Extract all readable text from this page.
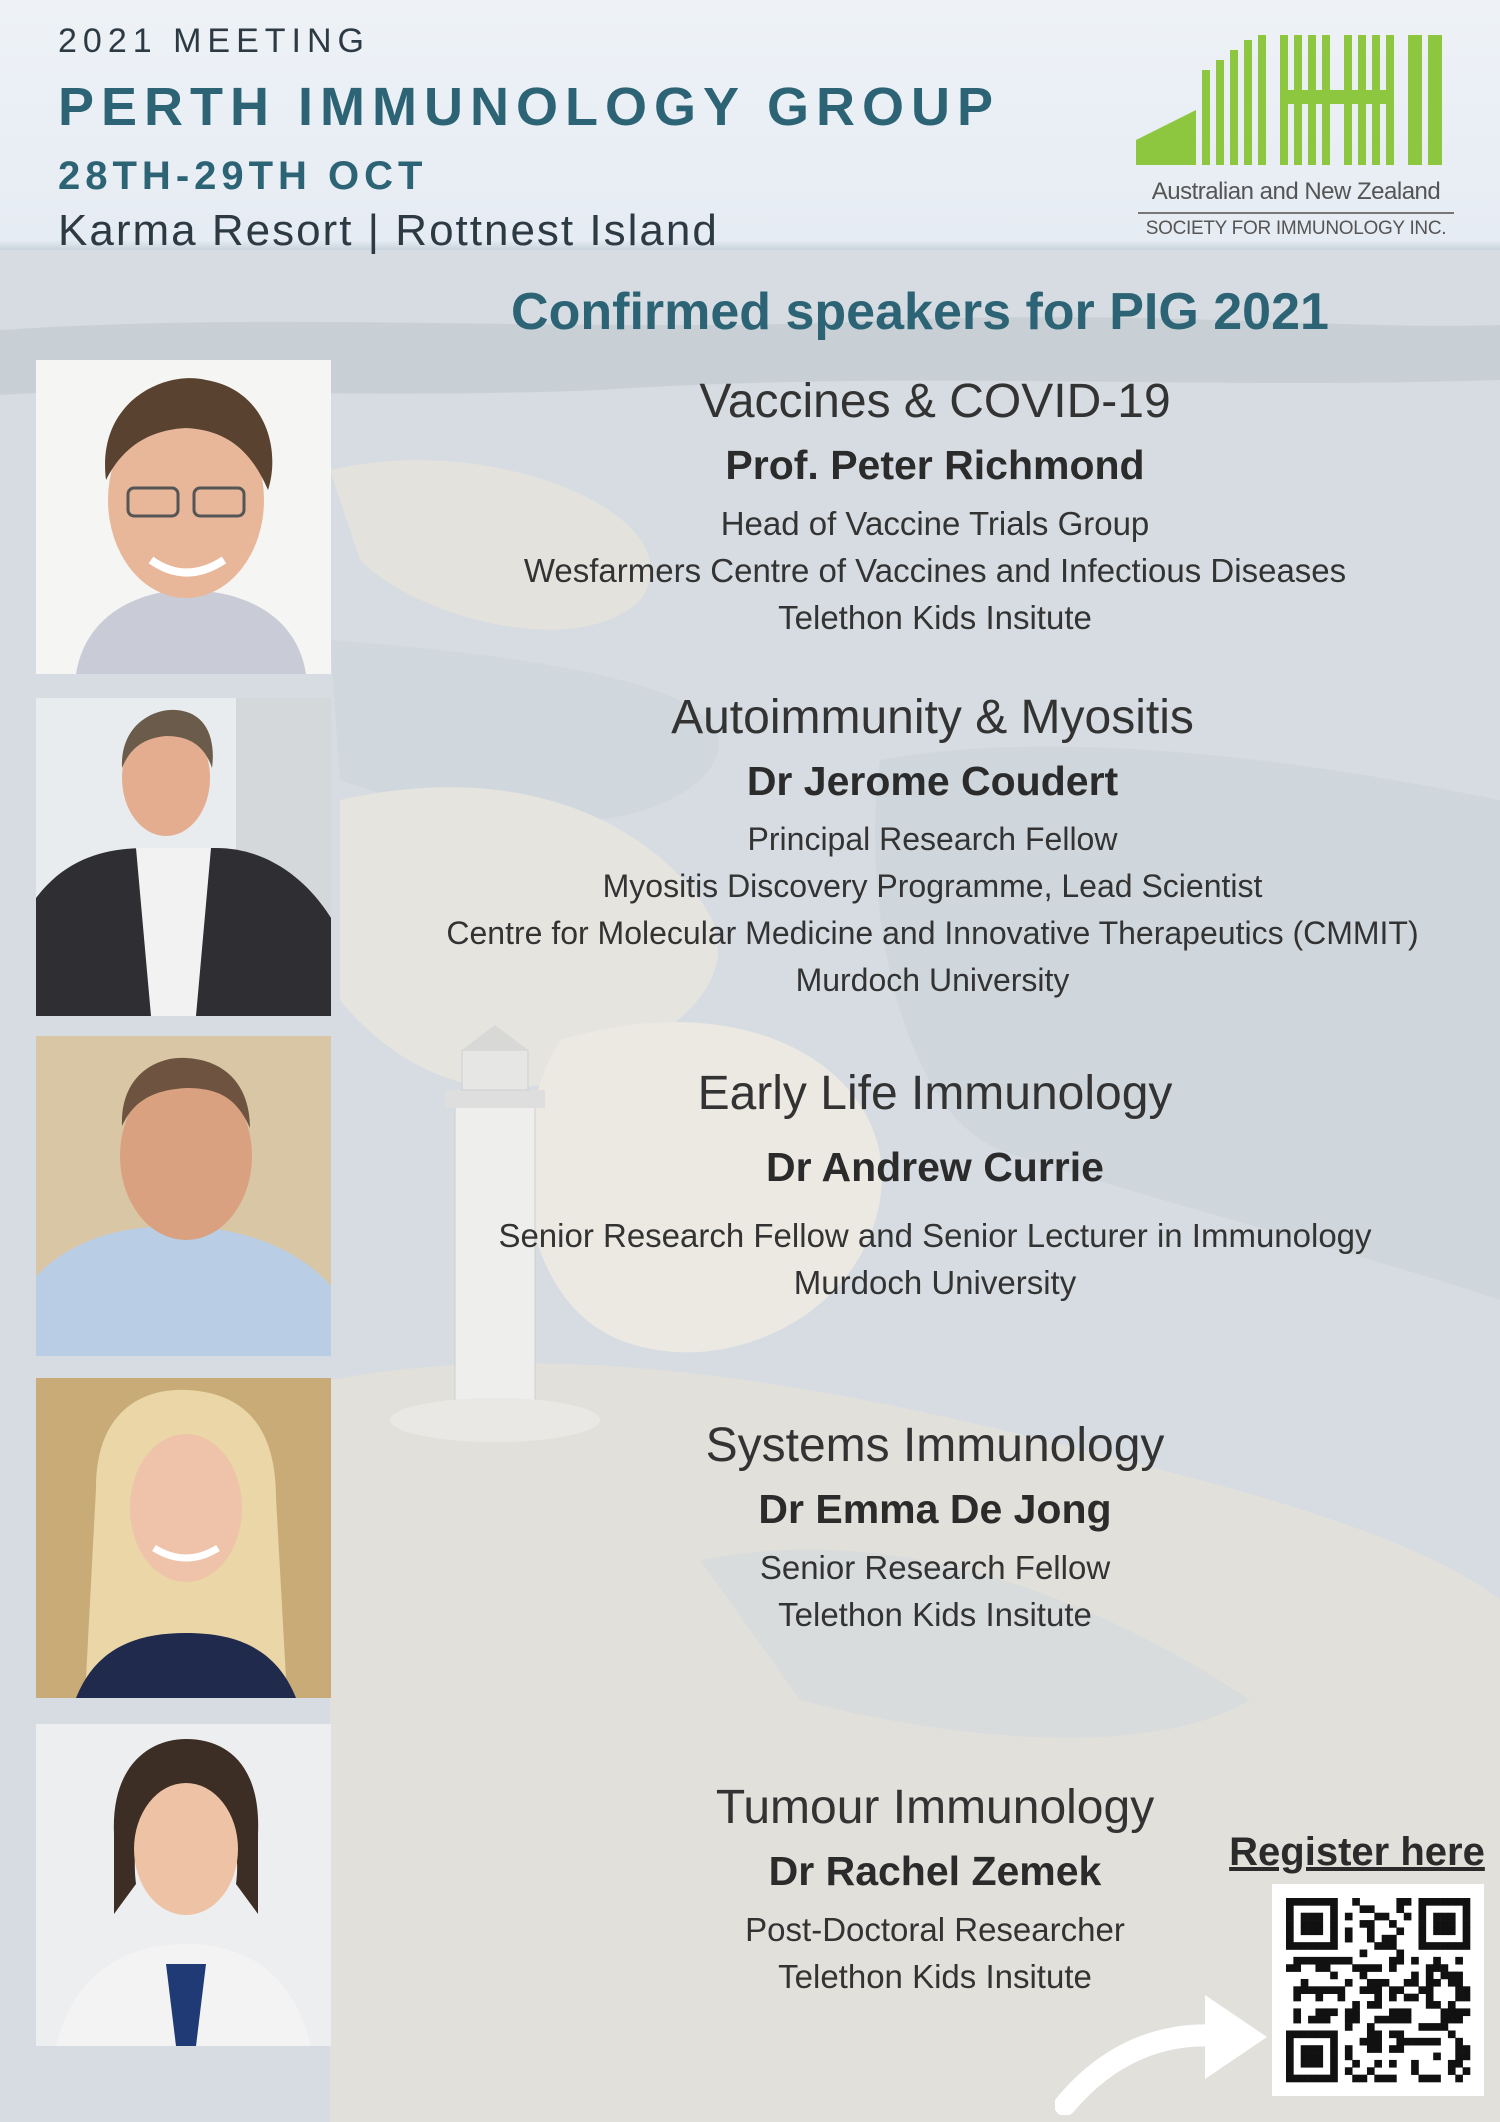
2021 MEETING
PERTH IMMUNOLOGY GROUP
28TH-29TH OCT
Karma Resort | Rottnest Island
Australian and New Zealand
SOCIETY FOR IMMUNOLOGY INC.
Confirmed speakers for PIG 2021
Vaccines & COVID-19
Prof. Peter Richmond
Head of Vaccine Trials Group
Wesfarmers Centre of Vaccines and Infectious Diseases
Telethon Kids Insitute
Autoimmunity & Myositis
Dr Jerome Coudert
Principal Research Fellow
Myositis Discovery Programme, Lead Scientist
Centre for Molecular Medicine and Innovative Therapeutics (CMMIT)
Murdoch University
Early Life Immunology
Dr Andrew Currie
Senior Research Fellow and Senior Lecturer in Immunology
Murdoch University
Systems Immunology
Dr Emma De Jong
Senior Research Fellow
Telethon Kids Insitute
Tumour Immunology
Dr Rachel Zemek
Post-Doctoral Researcher
Telethon Kids Insitute
Register here
